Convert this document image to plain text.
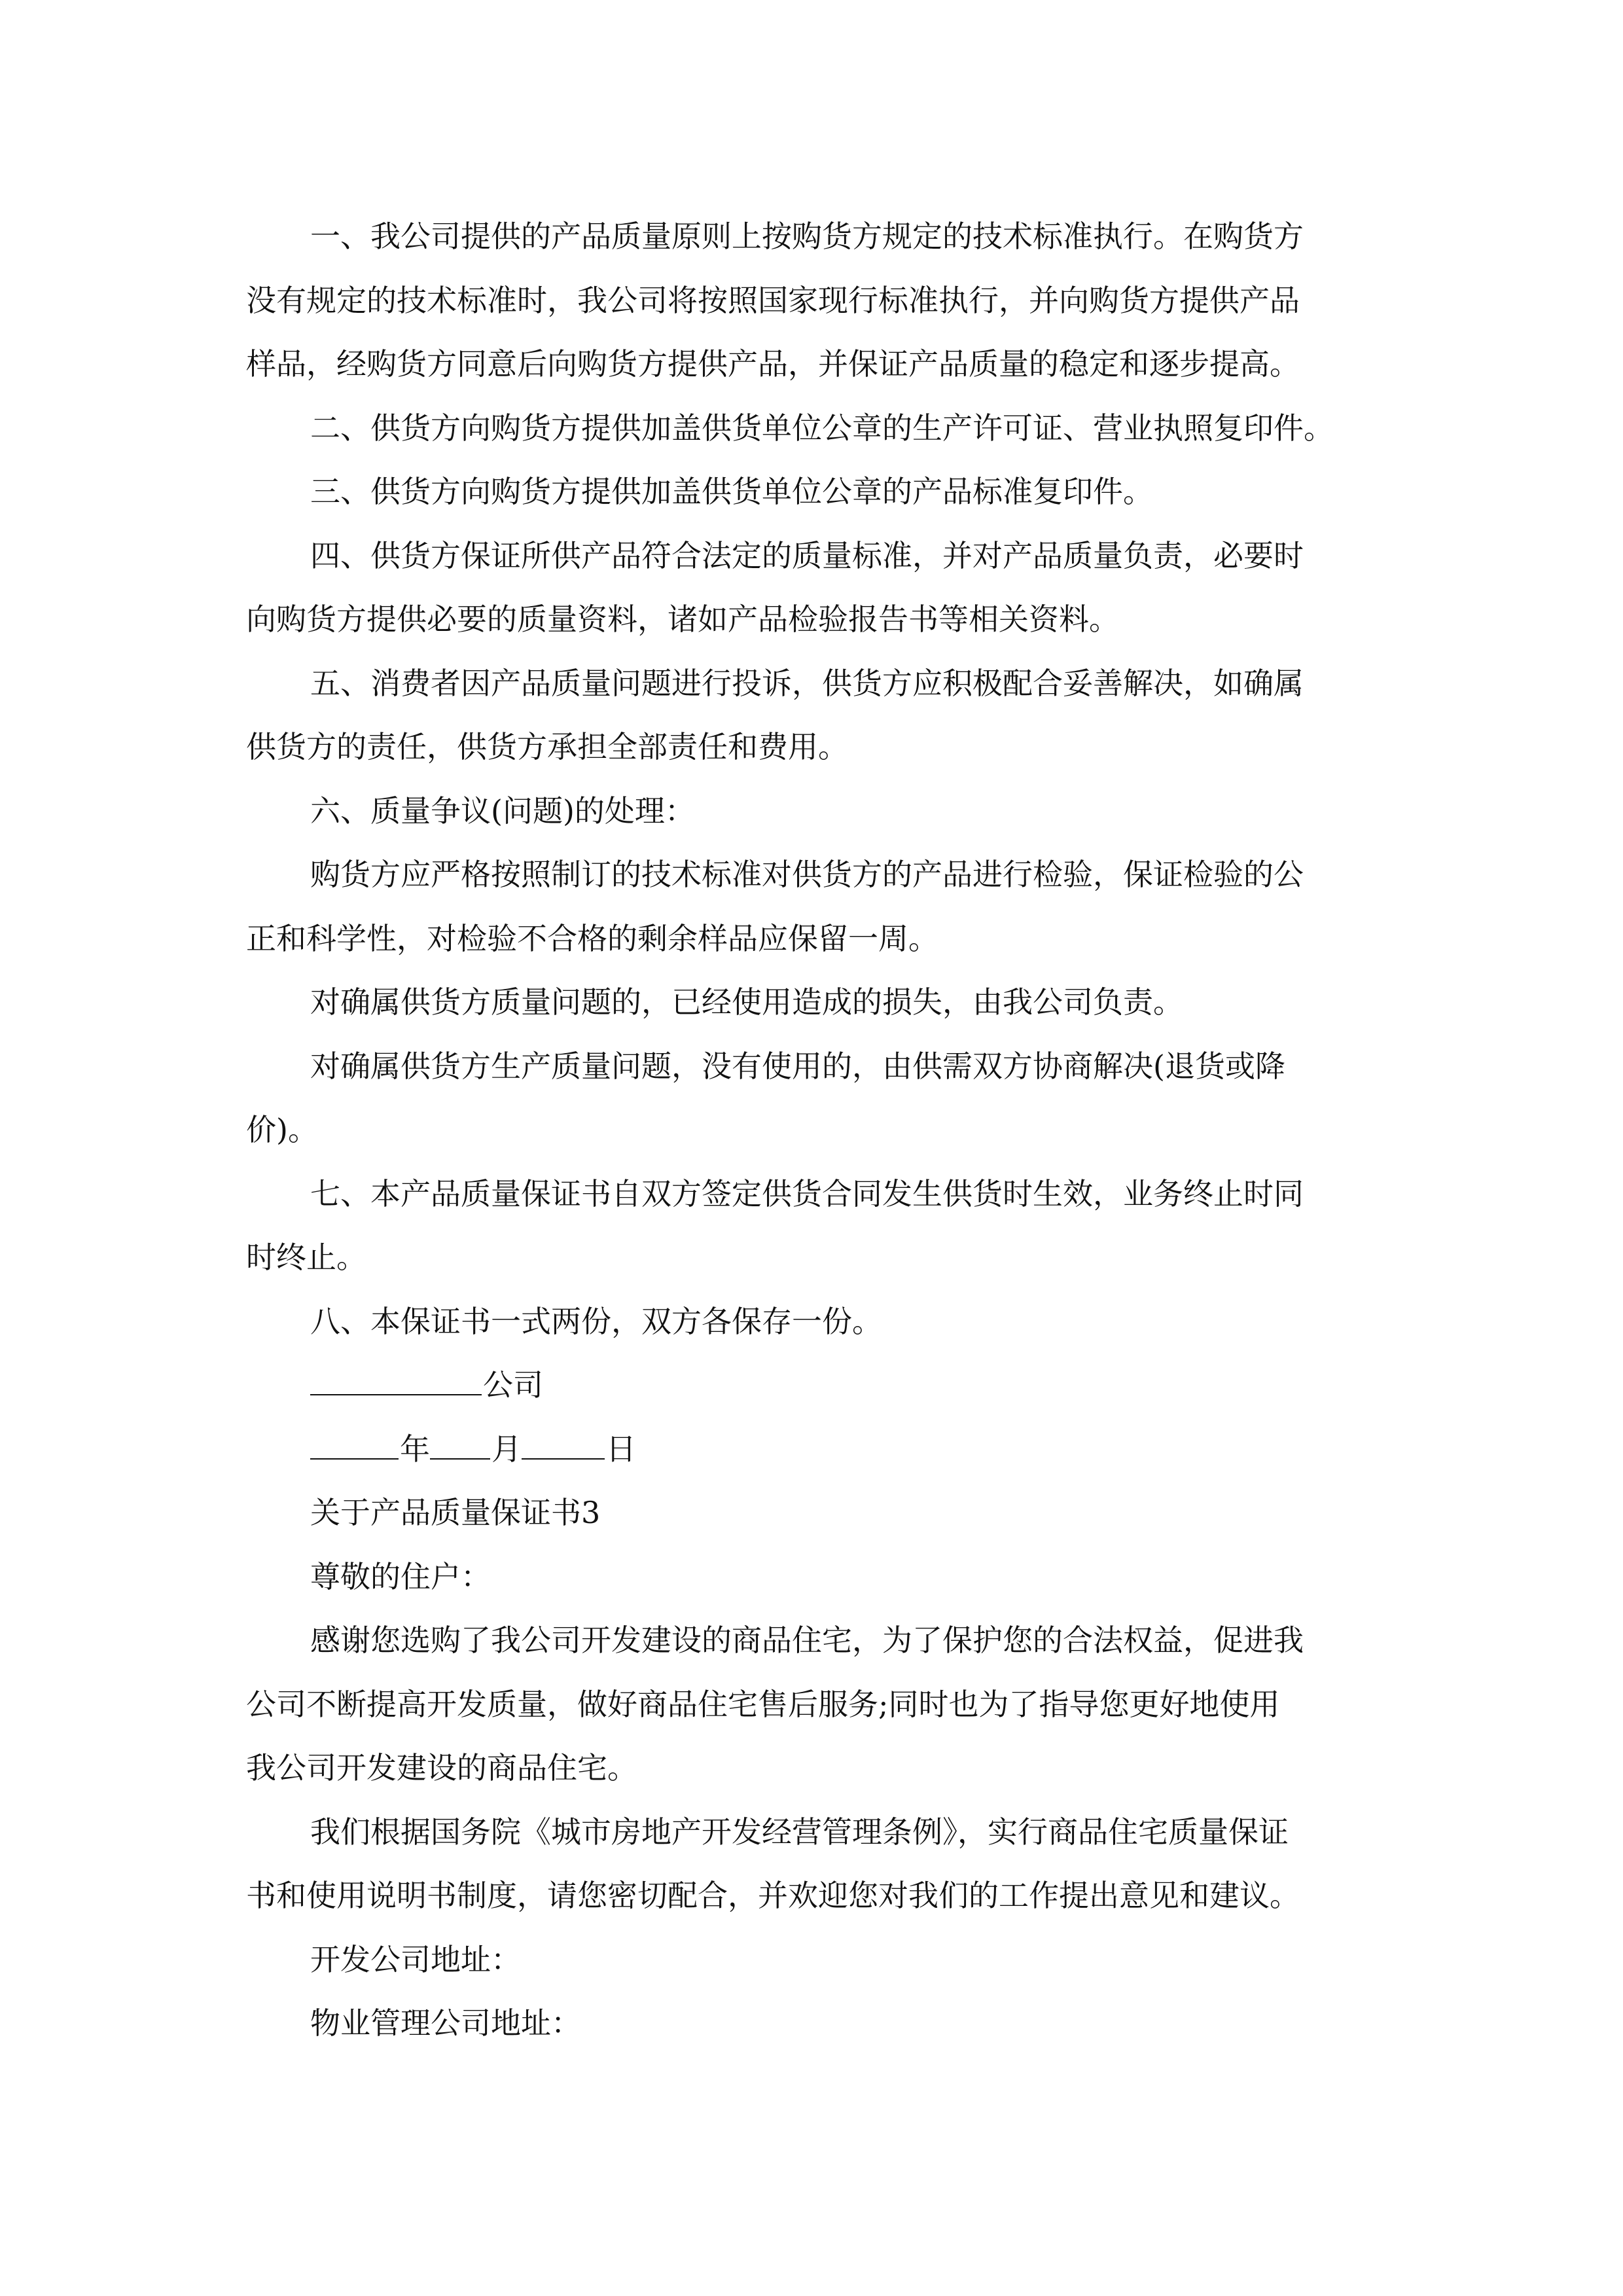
一、我公司提供的产品质量原则上按购货方规定的技术标准执行。在购货方
没有规定的技术标准时，我公司将按照国家现行标准执行，并向购货方提供产品
样品，经购货方同意后向购货方提供产品，并保证产品质量的稳定和逐步提高。
二、供货方向购货方提供加盖供货单位公章的生产许可证、营业执照复印件。
三、供货方向购货方提供加盖供货单位公章的产品标准复印件。
四、供货方保证所供产品符合法定的质量标准，并对产品质量负责，必要时
向购货方提供必要的质量资料，诸如产品检验报告书等相关资料。
五、消费者因产品质量问题进行投诉，供货方应积极配合妥善解决，如确属
供货方的责任，供货方承担全部责任和费用。
六、质量争议(问题)的处理：
购货方应严格按照制订的技术标准对供货方的产品进行检验，保证检验的公
正和科学性，对检验不合格的剩余样品应保留一周。
对确属供货方质量问题的，已经使用造成的损失，由我公司负责。
对确属供货方生产质量问题，没有使用的，由供需双方协商解决(退货或降
价)。
七、本产品质量保证书自双方签定供货合同发生供货时生效，业务终止时同
时终止。
八、本保证书一式两份，双方各保存一份。
公司
年 月	日
关于产品质量保证书3
尊敬的住户：
感谢您选购了我公司开发建设的商品住宅，为了保护您的合法权益，促进我
公司不断提高开发质量，做好商品住宅售后服务;同时也为了指导您更好地使用
我公司开发建设的商品住宅。
我们根据国务院《城市房地产开发经营管理条例》，实行商品住宅质量保证
书和使用说明书制度，请您密切配合，并欢迎您对我们的工作提出意见和建议。
开发公司地址：
物业管理公司地址：
